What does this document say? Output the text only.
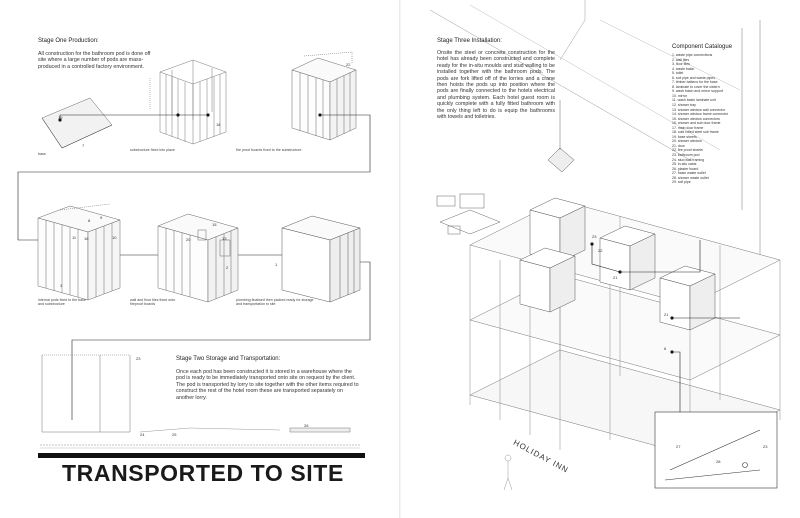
Stage One Production:
All construction for the bathroom pod is done off site where a large number of pods are mass-produced in a controlled factory environment.
base
substructure fixed into place	fire proof boards fixed to the substructure
internal pods fixed to the base and substructure
wall and floor tiles fixed onto fireproof boards
plumbing finalised then packed ready for storage and transportation to site
19
7
18
22
11
8
16	10
9
3
20
15
13
2
1
23
24	25
26
Stage Two Storage and Transportation:
Once each pod has been constructed it is stored in a warehouse where the pod is ready to be immediately transported onto site on request by the client. The pod is transported by lorry to site together with the other items required to construct the rest of the hotel room these are transported separately on another lorry.
TRANSPORTED TO SITE
Stage Three Installation:
Onsite the steel or concrete construction for the hotel has already been constructed and complete ready for the in-situ moulds and stud walling to be installed together with the bathroom pods. The pods are fork lifted off of the lorries and a crane then hoists the pods up into position where the pods are finally connected to the hotels electrical and plumbing system. Each hotel guest room is quickly complete with a fully fitted bathroom with the only thing left to do is equip the bathrooms with towels and toiletries.
Component Catalogue
1. waste pipe connections
2. wall tiles
3. floor tiles
4. waste basin
5. toilet
6. soil pipe and waste pipes
7. timber battens for the base
8. laminate to cover the cistern
9. wash basin and mirror support
10. mirror
11. wash basin laminate unit
12. shower tray
13. shower window wall connector
14. shower window frame connector
15. shower window connectors
16. shower and sub door frame
17. main door frame
18. cold rolled steel sub frame
19. base sheets
20. shower window
21. door
22. fire proof sheets
23. bathroom pod
24. stud wall framing
25. in-situ casts
26. plaster board
27. basin waste outlet
28. shower waste outlet
29. soil pipe
23
22
21
21
6
27	23
28
HOLIDAY INN
